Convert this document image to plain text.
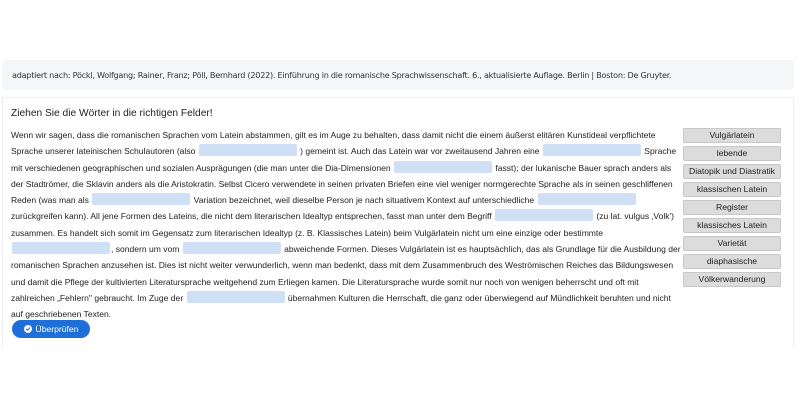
adaptiert nach: Pöckl, Wolfgang; Rainer, Franz; Pöll, Bernhard (2022). Einführung in die romanische Sprachwissenschaft. 6., aktualisierte Auflage. Berlin | Boston: De Gruyter.
Ziehen Sie die Wörter in die richtigen Felder!
Wenn wir sagen, dass die romanischen Sprachen vom Latein abstammen, gilt es im Auge zu behalten, dass damit nicht die einem äußerst elitären Kunstideal verpflichtete Sprache unserer lateinischen Schulautoren (also	) gemeint ist. Auch das Latein war vor zweitausend Jahren eine	Sprache mit verschiedenen geographischen und sozialen Ausprägungen (die man unter die Dia-Dimensionen	fasst); der lukanische Bauer sprach anders als der Stadtrömer, die Sklavin anders als die Aristokratin. Selbst Cicero verwendete in seinen privaten Briefen eine viel weniger normgerechte Sprache als in seinen geschliffenen Reden (was man als	Variation bezeichnet, weil dieselbe Person je nach situativem Kontext auf unterschiedliche  zurückgreifen kann). All jene Formen des Lateins, die nicht dem literarischen Idealtyp entsprechen, fasst man unter dem Begriff	(zu lat. vulgus ‚Volk') zusammen. Es handelt sich somit im Gegensatz zum literarischen Idealtyp (z. B. Klassisches Latein) beim Vulgärlatein nicht um eine einzige oder bestimmte , sondern um vom	abweichende Formen. Dieses Vulgärlatein ist es hauptsächlich, das als Grundlage für die Ausbildung der romanischen Sprachen anzusehen ist. Dies ist nicht weiter verwunderlich, wenn man bedenkt, dass mit dem Zusammenbruch des Weströmischen Reiches das Bildungswesen und damit die Pflege der kultivierten Literatursprache weitgehend zum Erliegen kamen. Die Literatursprache wurde somit nur noch von wenigen beherrscht und oft mit zahlreichen „Fehlern" gebraucht. Im Zuge der	übernahmen Kulturen die Herrschaft, die ganz oder überwiegend auf Mündlichkeit beruhten und nicht auf geschriebenen Texten.
Vulgärlatein
lebende
Diatopik und Diastratik
klassischen Latein
Register
klassisches Latein
Varietät
diaphasische
Völkerwanderung
Überprüfen
